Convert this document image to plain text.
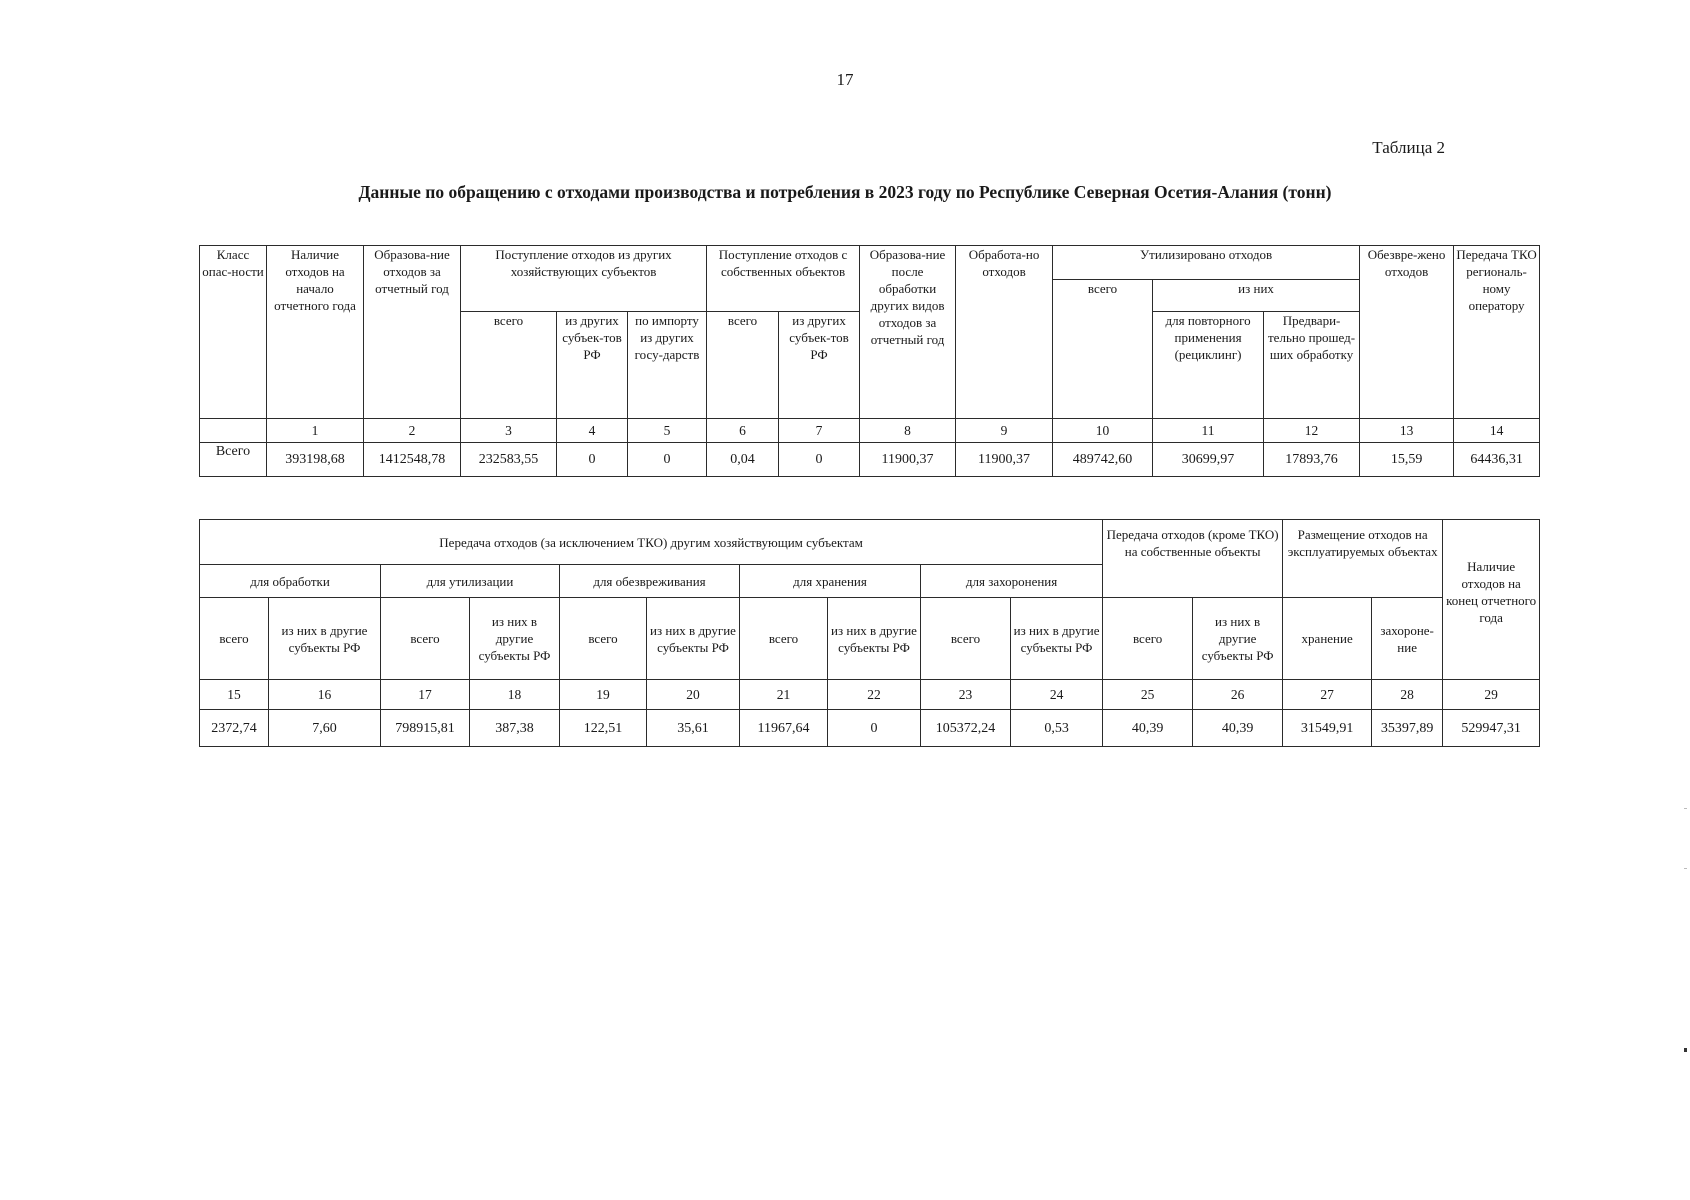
17
Таблица 2
Данные по обращению с отходами производства и потребления в 2023 году по Республике Северная Осетия-Алания (тонн)
Класс опас-ности	Наличие отходов на начало отчетного года	Образова-ние отходов за отчетный год	Поступление отходов из других хозяйствующих субъектов			Поступление отходов с собственных объектов		Образова-ние после обработки других видов отходов за отчетный год	Обработа-но отходов	Утилизировано отходов			Обезвре-жено отходов	Передача ТКО региональ-ному оператору
										всего	из них			
			всего	из других субъек-тов РФ	по импорту из других госу-дарств	всего	из других субъек-тов РФ				для повторного применения (рециклинг)	Предвари-тельно прошед-ших обработку		
	1	2	3	4	5	6	7	8	9	10	11	12	13	14
Всего	393198,68	1412548,78	232583,55	0	0	0,04	0	11900,37	11900,37	489742,60	30699,97	17893,76	15,59	64436,31
Передача отходов (за исключением ТКО) другим хозяйствующим субъектам										Передача отходов (кроме ТКО) на собственные объекты		Размещение отходов на эксплуатируемых объектах		Наличие отходов на конец отчетного года
для обработки		для утилизации		для обезвреживания		для хранения		для захоронения						
всего	из них в другие субъекты РФ	всего	из них в другие субъекты РФ	всего	из них в другие субъекты РФ	всего	из них в другие субъекты РФ	всего	из них в другие субъекты РФ	всего	из них в другие субъекты РФ	хранение	захороне-ние	
15	16	17	18	19	20	21	22	23	24	25	26	27	28	29
2372,74	7,60	798915,81	387,38	122,51	35,61	11967,64	0	105372,24	0,53	40,39	40,39	31549,91	35397,89	529947,31
